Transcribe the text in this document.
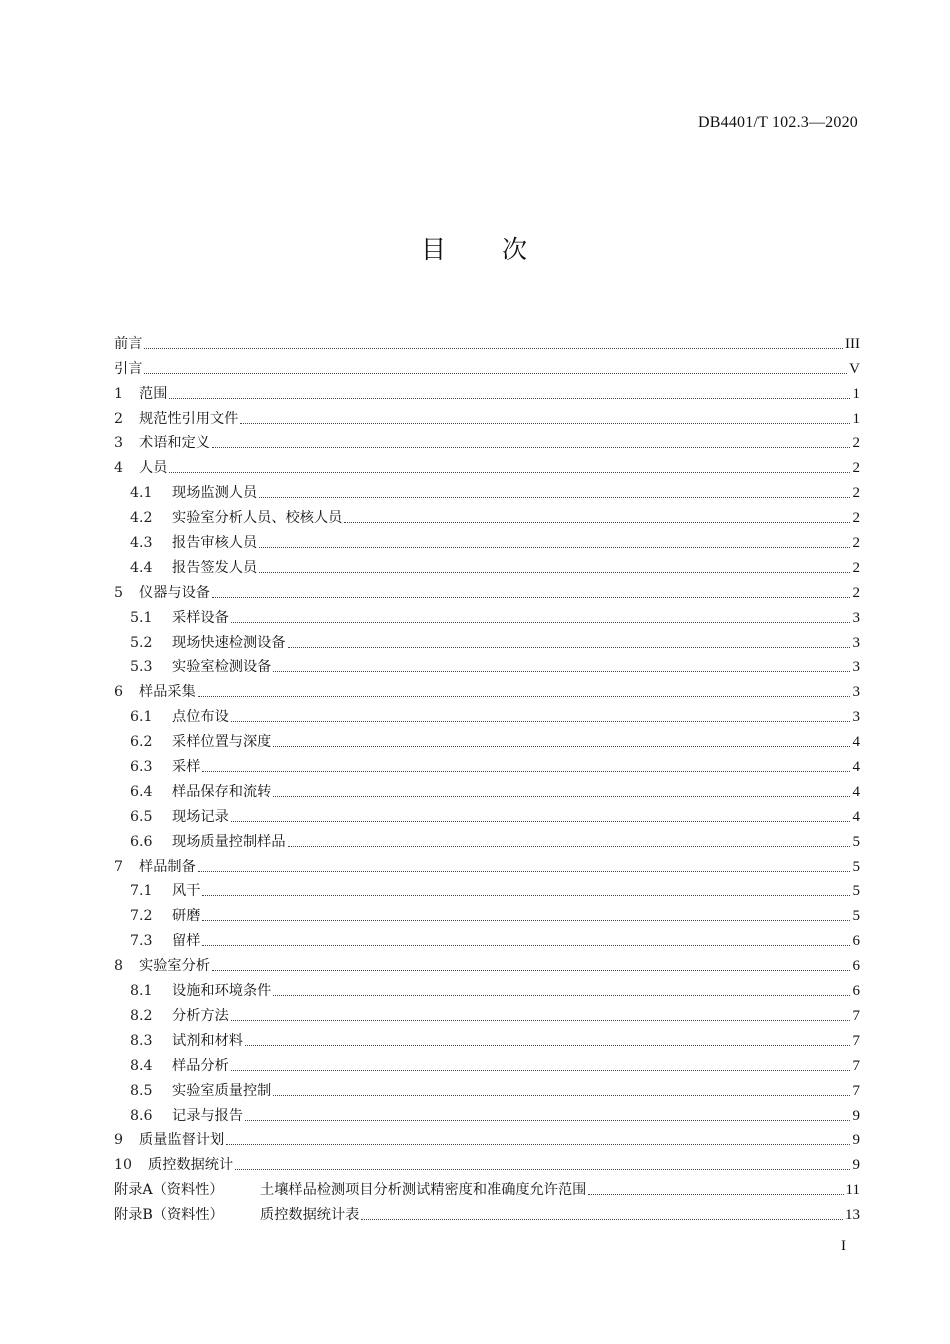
DB4401/T 102.3—2020
目 次
前言	III
引言	V
1	范围	1
2	规范性引用文件	1
3	术语和定义	2
4	人员	2
4.1	现场监测人员	2
4.2	实验室分析人员、校核人员	2
4.3	报告审核人员	2
4.4	报告签发人员	2
5	仪器与设备	2
5.1	采样设备	3
5.2	现场快速检测设备	3
5.3	实验室检测设备	3
6	样品采集	3
6.1	点位布设	3
6.2	采样位置与深度	4
6.3	采样	4
6.4	样品保存和流转	4
6.5	现场记录	4
6.6	现场质量控制样品	5
7	样品制备	5
7.1	风干	5
7.2	研磨	5
7.3	留样	6
8	实验室分析	6
8.1	设施和环境条件	6
8.2	分析方法	7
8.3	试剂和材料	7
8.4	样品分析	7
8.5	实验室质量控制	7
8.6	记录与报告	9
9	质量监督计划	9
10	质控数据统计	9
附录A（资料性）	土壤样品检测项目分析测试精密度和准确度允许范围	11
附录B（资料性）	质控数据统计表	13
I
